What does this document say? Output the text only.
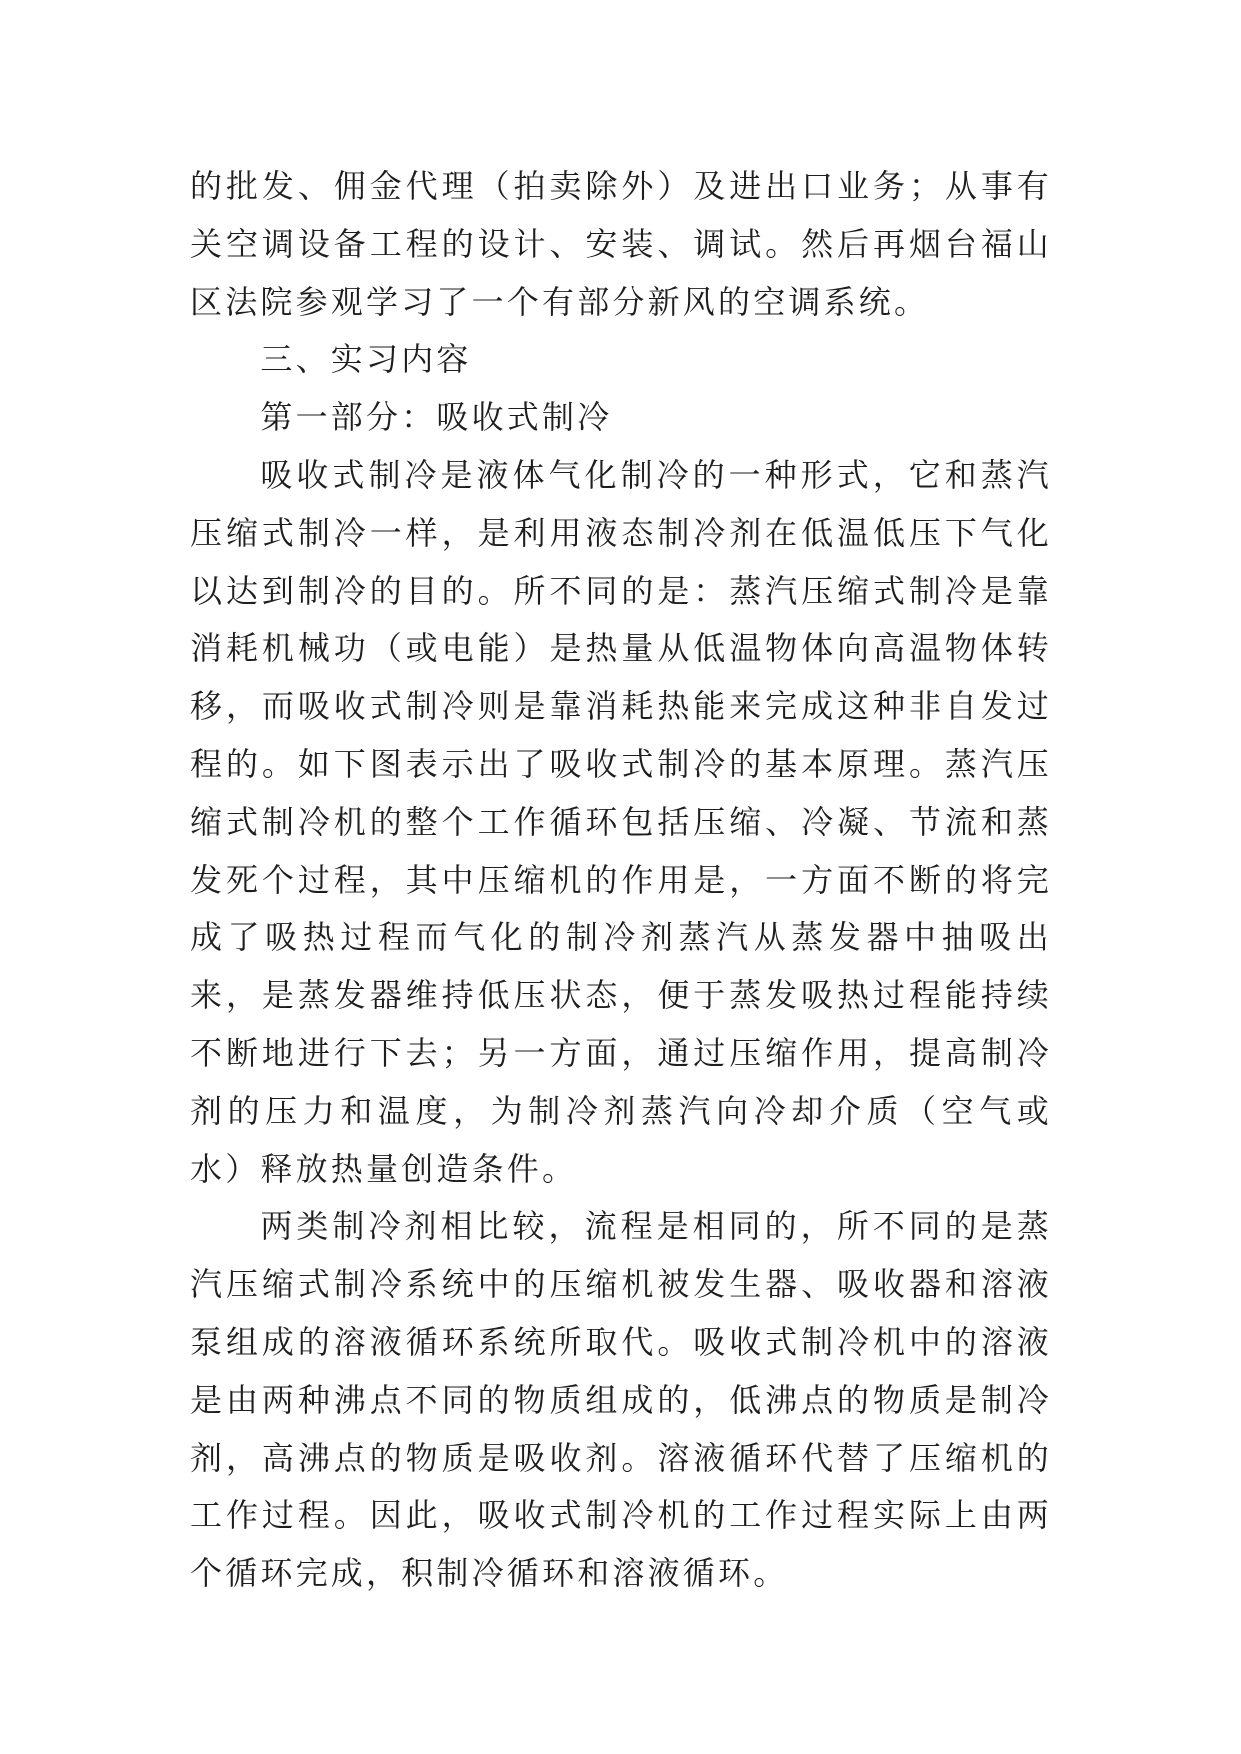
的批发、佣金代理（拍卖除外）及进出口业务；从事有关空调设备工程的设计、安装、调试。然后再烟台福山区法院参观学习了一个有部分新风的空调系统。

三、实习内容

第一部分：吸收式制冷

吸收式制冷是液体气化制冷的一种形式，它和蒸汽压缩式制冷一样，是利用液态制冷剂在低温低压下气化以达到制冷的目的。所不同的是：蒸汽压缩式制冷是靠消耗机械功（或电能）是热量从低温物体向高温物体转移，而吸收式制冷则是靠消耗热能来完成这种非自发过程的。如下图表示出了吸收式制冷的基本原理。蒸汽压缩式制冷机的整个工作循环包括压缩、冷凝、节流和蒸发死个过程，其中压缩机的作用是，一方面不断的将完成了吸热过程而气化的制冷剂蒸汽从蒸发器中抽吸出来，是蒸发器维持低压状态，便于蒸发吸热过程能持续不断地进行下去；另一方面，通过压缩作用，提高制冷剂的压力和温度，为制冷剂蒸汽向冷却介质（空气或水）释放热量创造条件。

两类制冷剂相比较，流程是相同的，所不同的是蒸汽压缩式制冷系统中的压缩机被发生器、吸收器和溶液泵组成的溶液循环系统所取代。吸收式制冷机中的溶液是由两种沸点不同的物质组成的，低沸点的物质是制冷剂，高沸点的物质是吸收剂。溶液循环代替了压缩机的工作过程。因此，吸收式制冷机的工作过程实际上由两个循环完成，积制冷循环和溶液循环。
